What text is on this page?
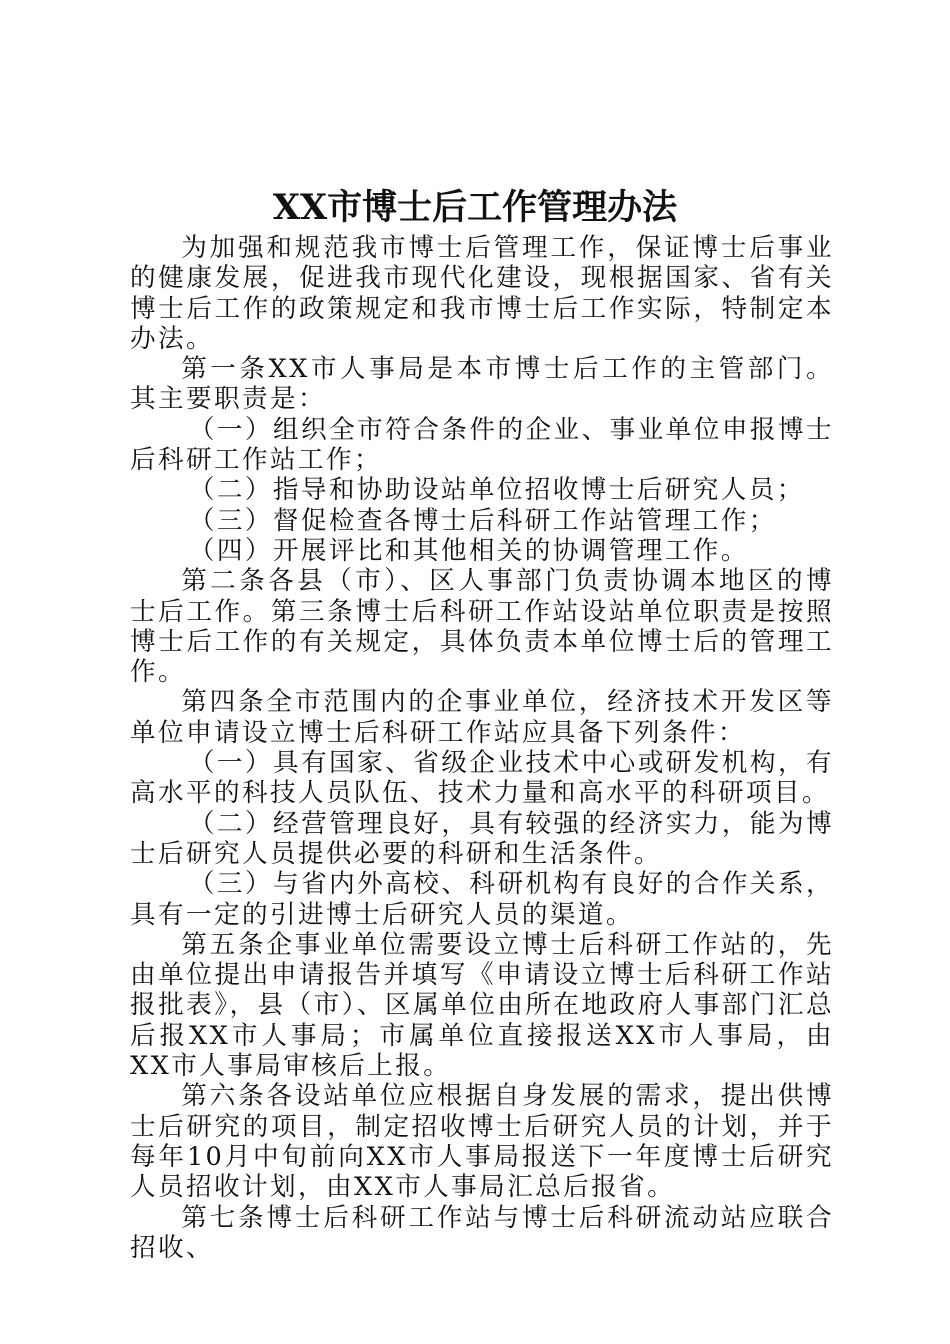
XX市博士后工作管理办法

为加强和规范我市博士后管理工作，保证博士后事业的健康发展，促进我市现代化建设，现根据国家、省有关博士后工作的政策规定和我市博士后工作实际，特制定本办法。

第一条XX市人事局是本市博士后工作的主管部门。其主要职责是：

（一）组织全市符合条件的企业、事业单位申报博士后科研工作站工作；

（二）指导和协助设站单位招收博士后研究人员；

（三）督促检查各博士后科研工作站管理工作；

（四）开展评比和其他相关的协调管理工作。

第二条各县（市）、区人事部门负责协调本地区的博士后工作。第三条博士后科研工作站设站单位职责是按照博士后工作的有关规定，具体负责本单位博士后的管理工作。

第四条全市范围内的企事业单位，经济技术开发区等单位申请设立博士后科研工作站应具备下列条件：

（一）具有国家、省级企业技术中心或研发机构，有高水平的科技人员队伍、技术力量和高水平的科研项目。

（二）经营管理良好，具有较强的经济实力，能为博士后研究人员提供必要的科研和生活条件。

（三）与省内外高校、科研机构有良好的合作关系，具有一定的引进博士后研究人员的渠道。

第五条企事业单位需要设立博士后科研工作站的，先由单位提出申请报告并填写《申请设立博士后科研工作站报批表》，县（市）、区属单位由所在地政府人事部门汇总后报XX市人事局；市属单位直接报送XX市人事局，由XX市人事局审核后上报。

第六条各设站单位应根据自身发展的需求，提出供博士后研究的项目，制定招收博士后研究人员的计划，并于每年10月中旬前向XX市人事局报送下一年度博士后研究人员招收计划，由XX市人事局汇总后报省。

第七条博士后科研工作站与博士后科研流动站应联合招收、
